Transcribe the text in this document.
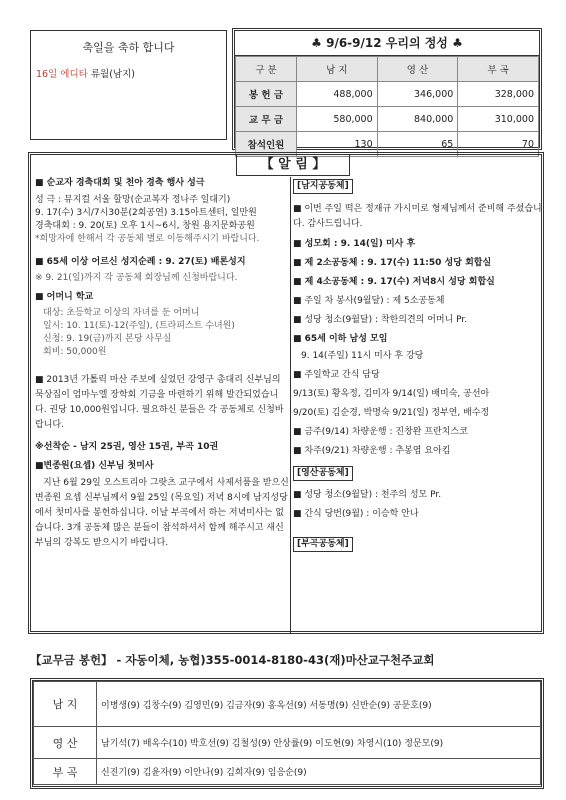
축일을 축하 합니다
16일 에디타 류월(남지)
♣ 9/6-9/12 우리의 정성 ♣
구 분	남 지	영 산	부 곡
봉 헌 금	488,000	346,000	328,000
교 무 금	580,000	840,000	310,000
참석인원	130	65	70
【 알 림 】

■ 순교자 경축대회 및 천아 경축 행사 성극

성 극 : 뮤지컬 서울 할망(순교복자 정나주 일대기)

9. 17(수) 3시/7시30분(2회공연) 3.15아트센터, 일만원

경축대회 : 9. 20(토) 오후 1시~6시, 창원 용지문화공원

*희망자에 한해서 각 공동체 별로 이동해주시기 바랍니다.

■ 65세 이상 어르신 성지순례 : 9. 27(토) 배론성지

※ 9. 21(일)까지 각 공동체 회장님께 신청바랍니다.

■ 어머니 학교

대상: 초등학교 이상의 자녀를 둔 어머니

일시: 10. 11(토)-12(주일), (트라피스트 수녀원)

신청: 9. 19(금)까지 본당 사무실

회비: 50,000원

■ 2013년 가톨릭 마산 주보에 실었던 강영구 총대리 신부님의 묵상집이 엄마누엘 장학회 기금을 마련하기 위해 발간되었습니다. 권당 10,000원입니다. 필요하신 분들은 각 공동체로 신청바랍니다.

※선착순 - 남지 25권, 영산 15권, 부곡 10권

■변종원(요셉) 신부님 첫미사

지난 6월 29일 오스트리아 그랏츠 교구에서 사제서품을 받으신 변종원 요셉 신부님께서 9월 25일 (목요일) 저녁 8시에 남지성당에서 첫미사를 봉헌하십니다. 이날 부곡에서 하는 저녁미사는 없습니다. 3개 공동체 많은 분들이 참석하셔서 함께 해주시고 새신부님의 강복도 받으시기 바랍니다.

[남지공동체]

■ 이번 주일 떡은 정재규 가시미로 형제님께서 준비해 주셨습니다. 감사드립니다.

■ 성모회 : 9. 14(일) 미사 후

■ 제 2소공동체 : 9. 17(수) 11:50 성당 회합실

■ 제 4소공동체 : 9. 17(수) 저녁8시 성당 회합실

■ 주일 차 봉사(9월달) : 제 5소공동체

■ 성당 청소(9월달) : 착한의견의 어머니 Pr.

■ 65세 이하 남성 모임

9. 14(주일) 11시 미사 후 강당

■ 주일학교 간식 담당

9/13(토) 황옥정, 김미자 9/14(일) 배미숙, 공선아

9/20(토) 김순경, 박명숙 9/21(일) 정부연, 배수정

■ 금주(9/14) 차량운행 : 진창완 프란치스코

■ 차주(9/21) 차량운행 : 추봉엽 요아킴

[영산공동체]

■ 성당 청소(9월달) : 천주의 성모 Pr.

■ 간식 당번(9월) : 이승학 안나

[부곡공동체]
【교무금 봉헌】 - 자동이체, 농협)355-0014-8180-43(재)마산교구천주교회
남 지	이병생(9) 김창수(9) 김영민(9) 김금자(9) 홍옥선(9) 서동명(9) 신반순(9) 공문호(9)
영 산	남기석(7) 배옥수(10) 박호선(9) 김철성(9) 안상률(9) 이도현(9) 차영시(10) 정문모(9)
부 곡	신진기(9) 김윤자(9) 이안나(9) 김희자(9) 임응순(9)
